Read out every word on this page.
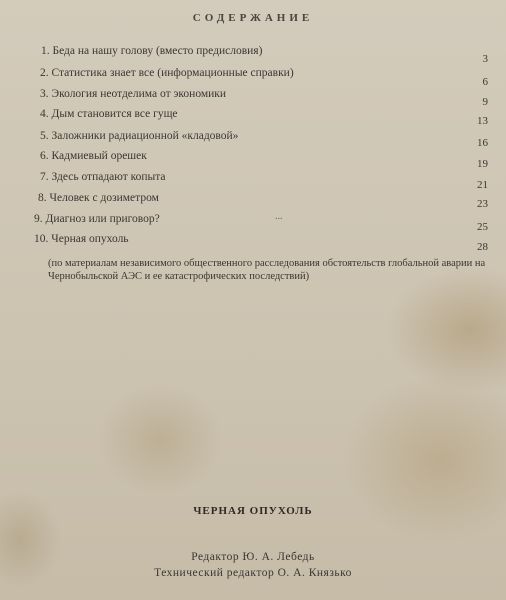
СОДЕРЖАНИЕ
1. Беда на нашу голову (вместо предисловия)
3
2. Статистика знает все (информационные справки)
6
3. Экология неотделима от экономики
9
4. Дым становится все гуще
13
5. Заложники радиационной «кладовой»
16
6. Кадмиевый орешек
19
7. Здесь отпадают копыта
21
8. Человек с дозиметром	23
9. Диагноз или приговор?
25
10. Черная опухоль
28
...
(по материалам независимого общественного расследования обстоятельств глобальной аварии на Чернобыльской АЭС и ее катастрофических последствий)
ЧЕРНАЯ ОПУХОЛЬ
Редактор Ю. А. Лебедь
Технический редактор О. А. Князько
